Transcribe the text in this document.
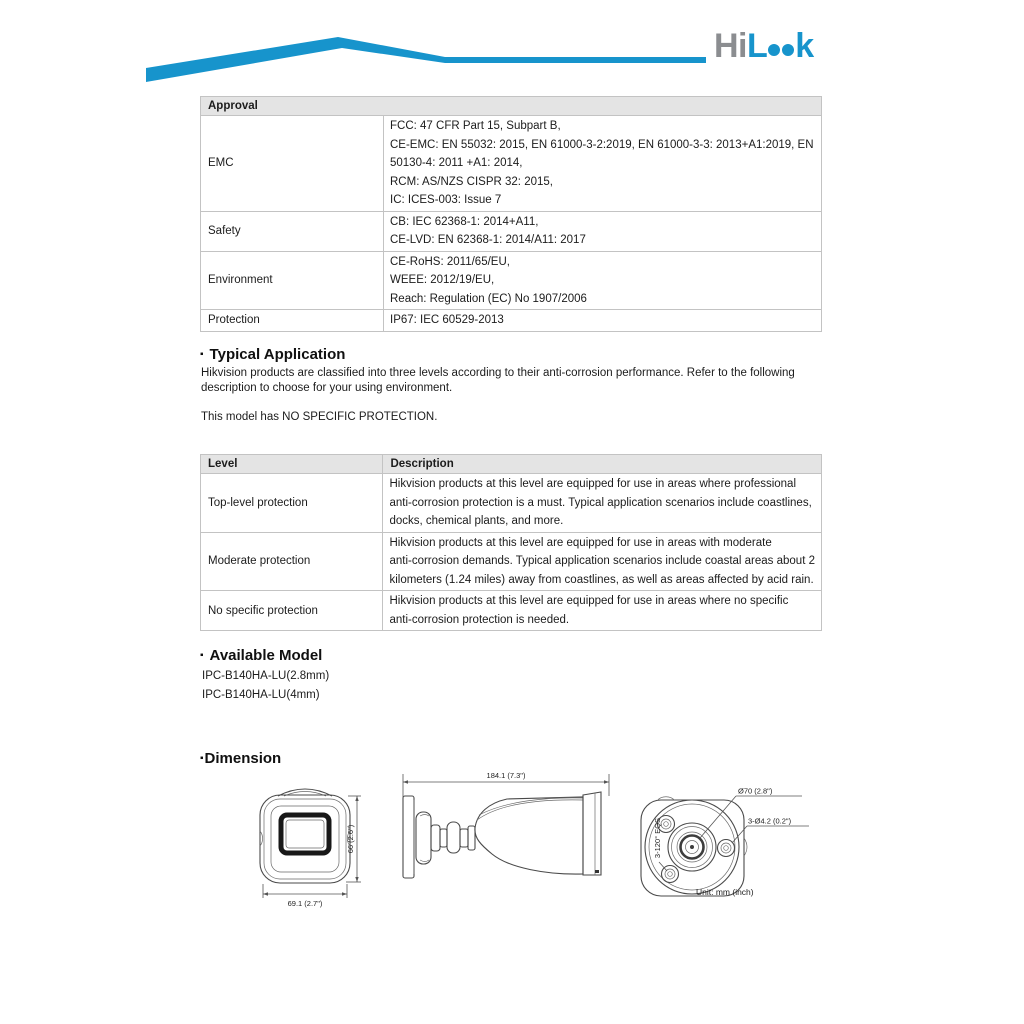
HiL k
Approval	
EMC	FCC: 47 CFR Part 15, Subpart B,
CE-EMC: EN 55032: 2015, EN 61000-3-2:2019, EN 61000-3-3: 2013+A1:2019, EN
50130-4: 2011 +A1: 2014,
RCM: AS/NZS CISPR 32: 2015,
IC: ICES-003: Issue 7

Safety	CB: IEC 62368-1: 2014+A11,
CE-LVD: EN 62368-1: 2014/A11: 2017

Environment	CE-RoHS: 2011/65/EU,
WEEE: 2012/19/EU,
Reach: Regulation (EC) No 1907/2006

Protection	IP67: IEC 60529-2013
▪ Typical Application
Hikvision products are classified into three levels according to their anti-corrosion performance. Refer to the following
description to choose for your using environment.
This model has NO SPECIFIC PROTECTION.
Level	Description
Top-level protection	Hikvision products at this level are equipped for use in areas where professional
anti-corrosion protection is a must. Typical application scenarios include coastlines,
docks, chemical plants, and more.

Moderate protection	Hikvision products at this level are equipped for use in areas with moderate
anti-corrosion demands. Typical application scenarios include coastal areas about 2
kilometers (1.24 miles) away from coastlines, as well as areas affected by acid rain.

No specific protection	Hikvision products at this level are equipped for use in areas where no specific
anti-corrosion protection is needed.
▪ Available Model
IPC-B140HA-LU(2.8mm)
IPC-B140HA-LU(4mm)
▪Dimension
66 (2.6")
69.1 (2.7")
184.1 (7.3")
Ø70 (2.8")
3-Ø4.2 (0.2")
3-120° EQS
Unit: mm (inch)
